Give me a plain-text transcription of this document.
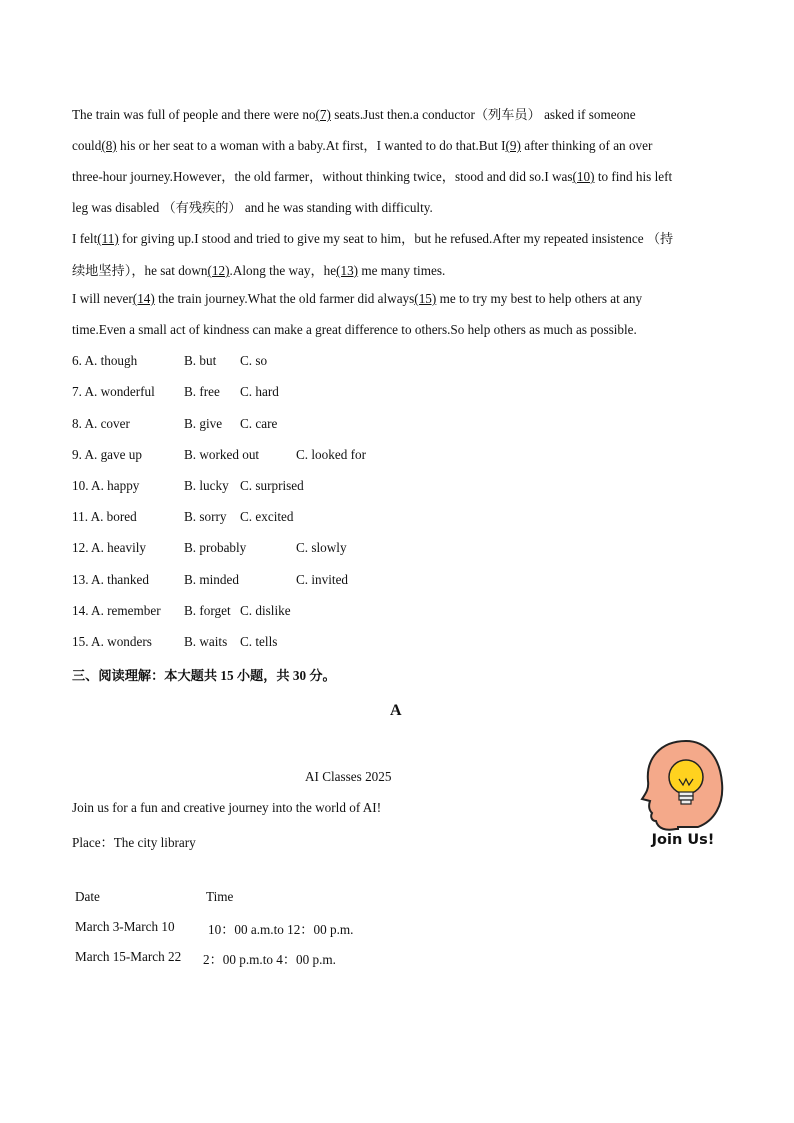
The train was full of people and there were no(7) seats.Just then.a conductor（列车员） asked if someone
could(8) his or her seat to a woman with a baby.At first，I wanted to do that.But I(9) after thinking of an over
three-hour journey.However，the old farmer，without thinking twice，stood and did so.I was(10) to find his left
leg was disabled （有残疾的） and he was standing with difficulty.
I felt(11) for giving up.I stood and tried to give my seat to him，but he refused.After my repeated insistence （持
续地坚持），he sat down(12).Along the way，he(13) me many times.
I will never(14) the train journey.What the old farmer did always(15) me to try my best to help others at any
time.Even a small act of kindness can make a great difference to others.So help others as much as possible.
6. A. though	B. but C. so
7. A. wonderful B. free C. hard
8. A. cover	B. give C. care
9. A. gave up	B. worked out	C. looked for
10. A. happy	B. lucky C. surprised
11. A. bored	B. sorry C. excited
12. A. heavily	B. probably	C. slowly
13. A. thanked	B. minded	C. invited
14. A. remember B. forget C. dislike
15. A. wonders B. waits C. tells
三、阅读理解：本大题共 15 小题，共 30 分。
A
AI Classes 2025
Join us for a fun and creative journey into the world of AI!
Place：The city library	Join Us!
Date	Time
March 3-March 10	10：00 a.m.to 12：00 p.m.
March 15-March 22 2：00 p.m.to 4：00 p.m.
